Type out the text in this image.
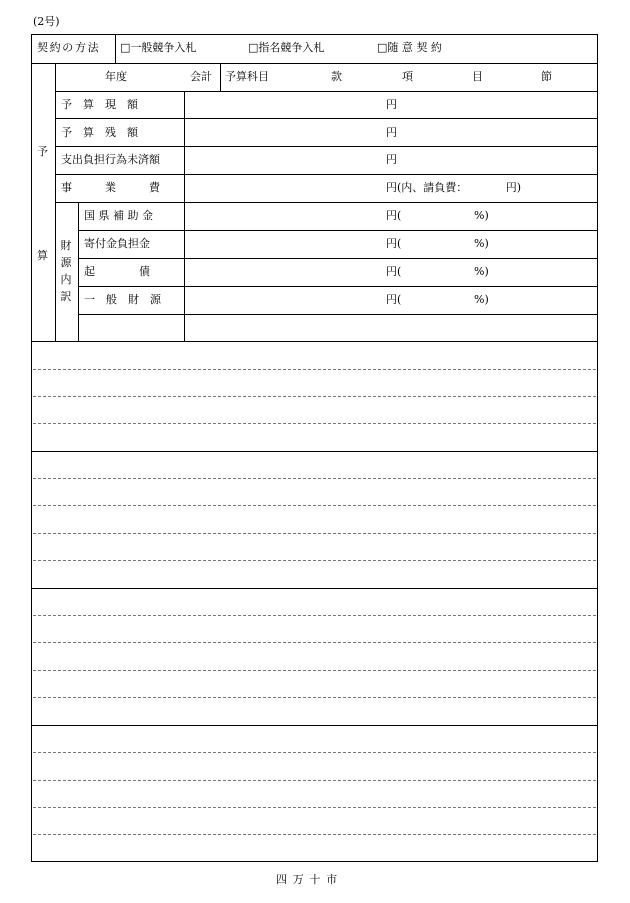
(2号)
契約の方法 □一般競争入札	□指名競争入札	□随 意 契 約
予
算
年度	会計 予算科目	款	項	目	節
予　算　現　額	円
予　算　残　額	円
支出負担行為未済額	円
事　　　業　　　費	円(内、請負費：　　　　円)
財
源
内
訳
国 県 補 助 金	円(	%)
寄付金負担金	円(	%)
起　　　　債	円(	%)
一　般　財　源	円(	%)
四 万 十 市
